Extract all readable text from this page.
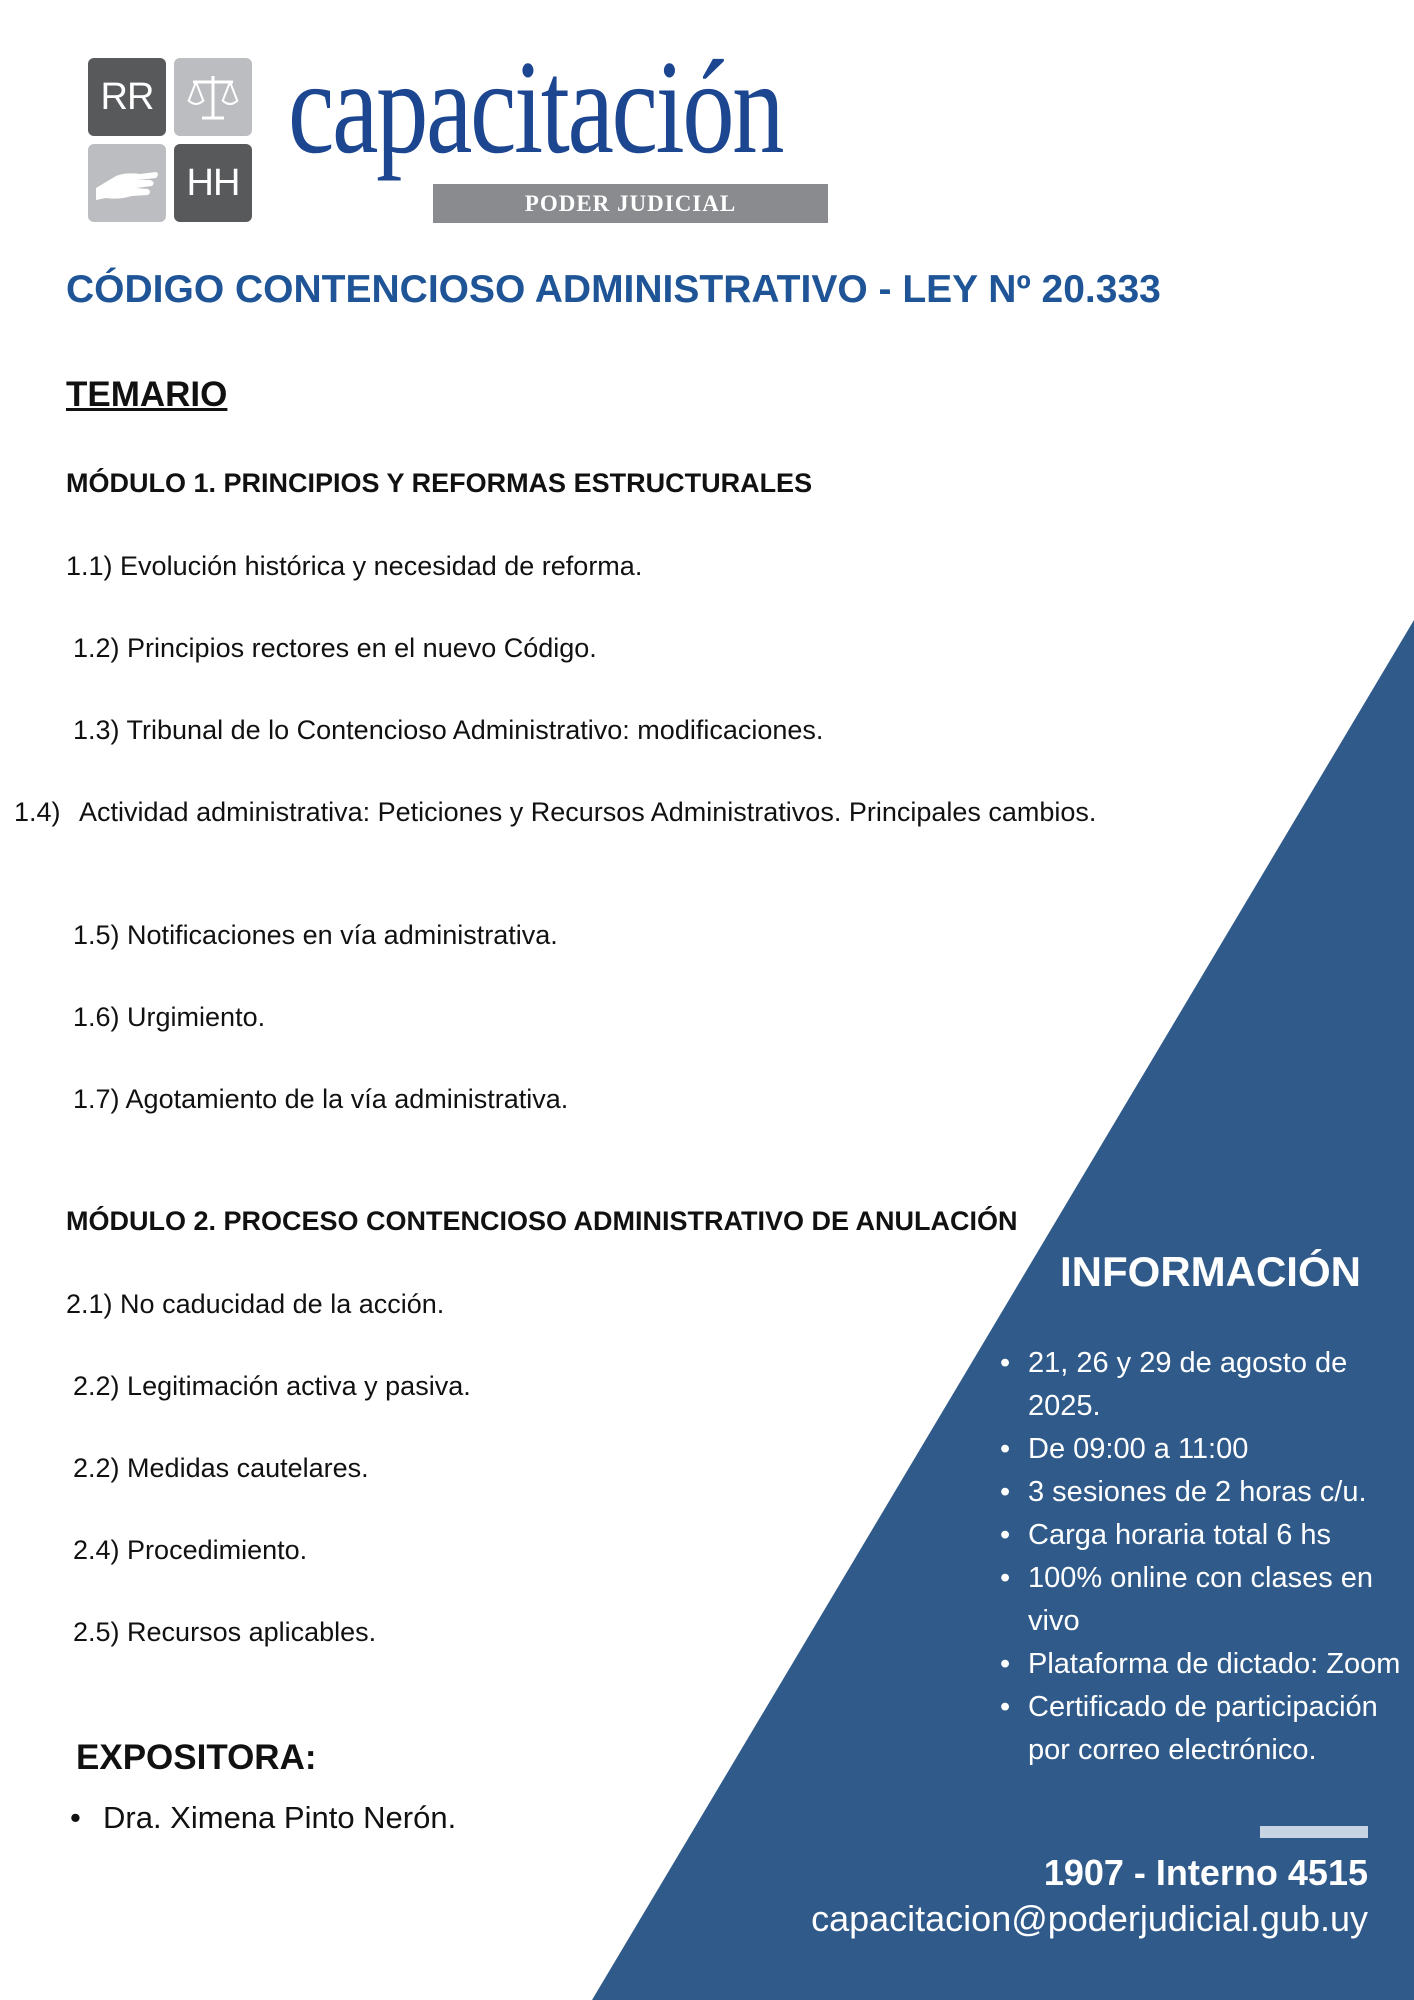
RR
HH
capacitación
PODER JUDICIAL
CÓDIGO CONTENCIOSO ADMINISTRATIVO - LEY Nº 20.333
TEMARIO
MÓDULO 1. PRINCIPIOS Y REFORMAS ESTRUCTURALES
1.1) Evolución histórica y necesidad de reforma.
1.2) Principios rectores en el nuevo Código.
1.3) Tribunal de lo Contencioso Administrativo: modificaciones.
1.4) Actividad administrativa: Peticiones y Recursos Administrativos. Principales cambios.
1.5) Notificaciones en vía administrativa.
1.6) Urgimiento.
1.7) Agotamiento de la vía administrativa.
MÓDULO 2. PROCESO CONTENCIOSO ADMINISTRATIVO DE ANULACIÓN
2.1) No caducidad de la acción.
2.2) Legitimación activa y pasiva.
2.2) Medidas cautelares.
2.4) Procedimiento.
2.5) Recursos aplicables.
EXPOSITORA:
• Dra. Ximena Pinto Nerón.
INFORMACIÓN
• 21, 26 y 29 de agosto de 2025.
• De 09:00 a 11:00
• 3 sesiones de 2 horas c/u.
• Carga horaria total 6 hs
• 100% online con clases en vivo
• Plataforma de dictado: Zoom
• Certificado de participación por correo electrónico.
1907 - Interno 4515
capacitacion@poderjudicial.gub.uy
